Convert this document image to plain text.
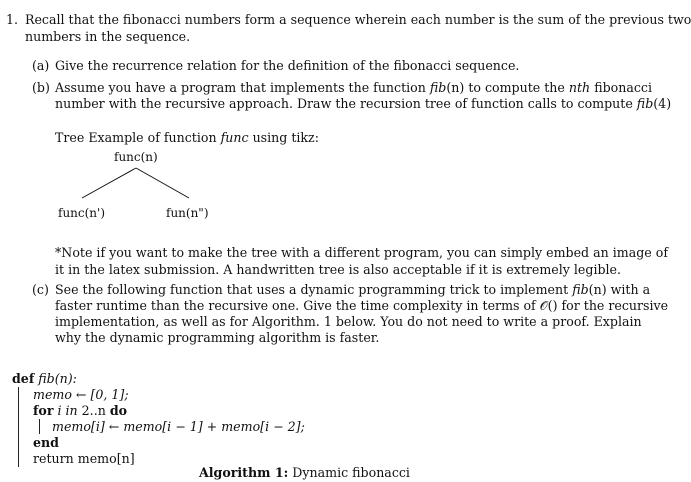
1. Recall that the fibonacci numbers form a sequence wherein each number is the sum of the previous two
numbers in the sequence.
(a) Give the recurrence relation for the definition of the fibonacci sequence.
(b) Assume you have a program that implements the function fib(n) to compute the nth fibonacci
number with the recursive approach. Draw the recursion tree of function calls to compute fib(4)
Tree Example of function func using tikz:
func(n)
func(n')	fun(n")
*Note if you want to make the tree with a different program, you can simply embed an image of
it in the latex submission. A handwritten tree is also acceptable if it is extremely legible.
(c) See the following function that uses a dynamic programming trick to implement fib(n) with a
faster runtime than the recursive one. Give the time complexity in terms of 𝒪() for the recursive
implementation, as well as for Algorithm. 1 below. You do not need to write a proof. Explain
why the dynamic programming algorithm is faster.
def fib(n):
memo ← [0, 1];
for i in 2..n do
memo[i] ← memo[i − 1] + memo[i − 2];
end
return memo[n]
Algorithm 1: Dynamic fibonacci
